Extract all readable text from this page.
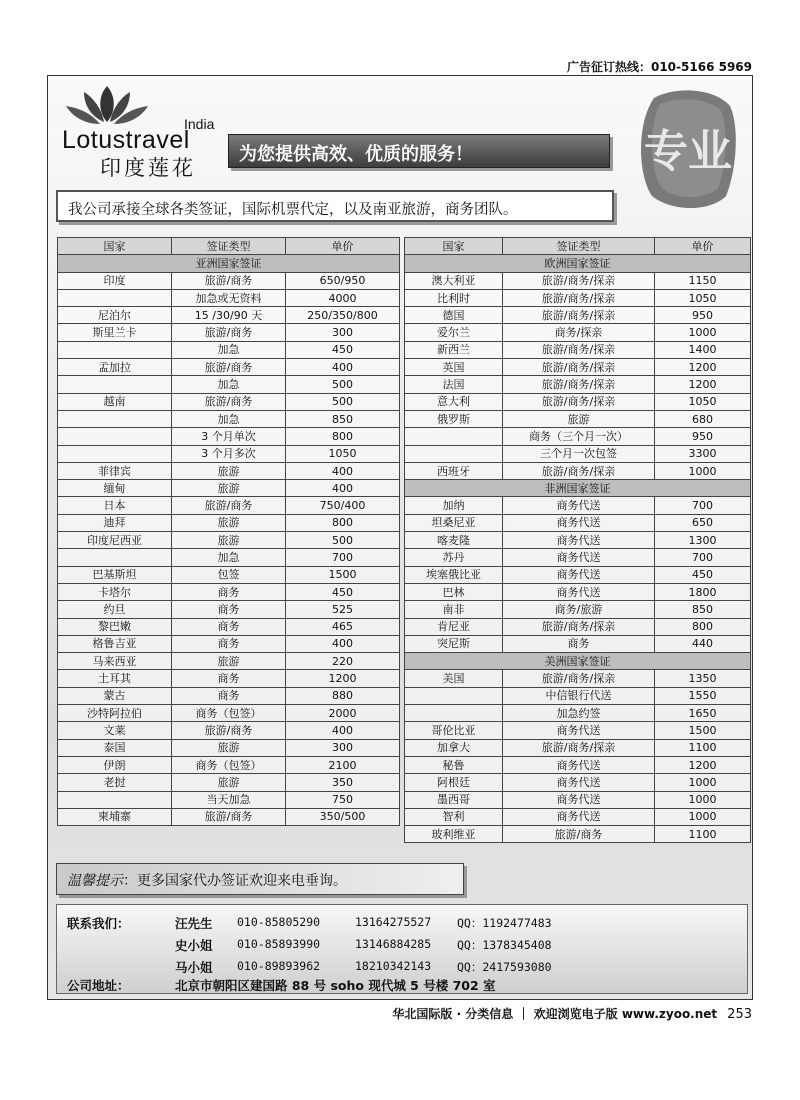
广告征订热线：010-5166 5969
India
Lotustravel
印度莲花
为您提供高效、优质的服务！	专业
我公司承接全球各类签证，国际机票代定，以及南亚旅游，商务团队。
国家	签证类型	单价
亚洲国家签证		
印度	旅游/商务	650/950
	加急或无资料	4000
尼泊尔	15 /30/90 天	250/350/800
斯里兰卡	旅游/商务	300
	加急	450
孟加拉	旅游/商务	400
	加急	500
越南	旅游/商务	500
	加急	850
	3 个月单次	800
	3 个月多次	1050
菲律宾	旅游	400
缅甸	旅游	400
日本	旅游/商务	750/400
迪拜	旅游	800
印度尼西亚	旅游	500
	加急	700
巴基斯坦	包签	1500
卡塔尔	商务	450
约旦	商务	525
黎巴嫩	商务	465
格鲁吉亚	商务	400
马来西亚	旅游	220
土耳其	商务	1200
蒙古	商务	880
沙特阿拉伯	商务（包签）	2000
文莱	旅游/商务	400
泰国	旅游	300
伊朗	商务（包签）	2100
老挝	旅游	350
	当天加急	750
柬埔寨	旅游/商务	350/500
国家	签证类型	单价
欧洲国家签证		
澳大利亚	旅游/商务/探亲	1150
比利时	旅游/商务/探亲	1050
德国	旅游/商务/探亲	950
爱尔兰	商务/探亲	1000
新西兰	旅游/商务/探亲	1400
英国	旅游/商务/探亲	1200
法国	旅游/商务/探亲	1200
意大利	旅游/商务/探亲	1050
俄罗斯	旅游	680
	商务（三个月一次）	950
	三个月一次包签	3300
西班牙	旅游/商务/探亲	1000
非洲国家签证		
加纳	商务代送	700
坦桑尼亚	商务代送	650
喀麦隆	商务代送	1300
苏丹	商务代送	700
埃塞俄比亚	商务代送	450
巴林	商务代送	1800
南非	商务/旅游	850
肯尼亚	旅游/商务/探亲	800
突尼斯	商务	440
美洲国家签证		
美国	旅游/商务/探亲	1350
	中信银行代送	1550
	加急约签	1650
哥伦比亚	商务代送	1500
加拿大	旅游/商务/探亲	1100
秘鲁	商务代送	1200
阿根廷	商务代送	1000
墨西哥	商务代送	1000
智利	商务代送	1000
玻利维亚	旅游/商务	1100
温馨提示：更多国家代办签证欢迎来电垂询。
联系我们：	汪先生 010-85805290	13164275527 QQ：1192477483
史小姐 010-85893990	13146884285 QQ：1378345408
马小姐 010-89893962	18210342143 QQ：2417593080
公司地址：	北京市朝阳区建国路 88 号 soho 现代城 5 号楼 702 室
华北国际版 · 分类信息 ｜ 欢迎浏览电子版 www.zyoo.net 253
